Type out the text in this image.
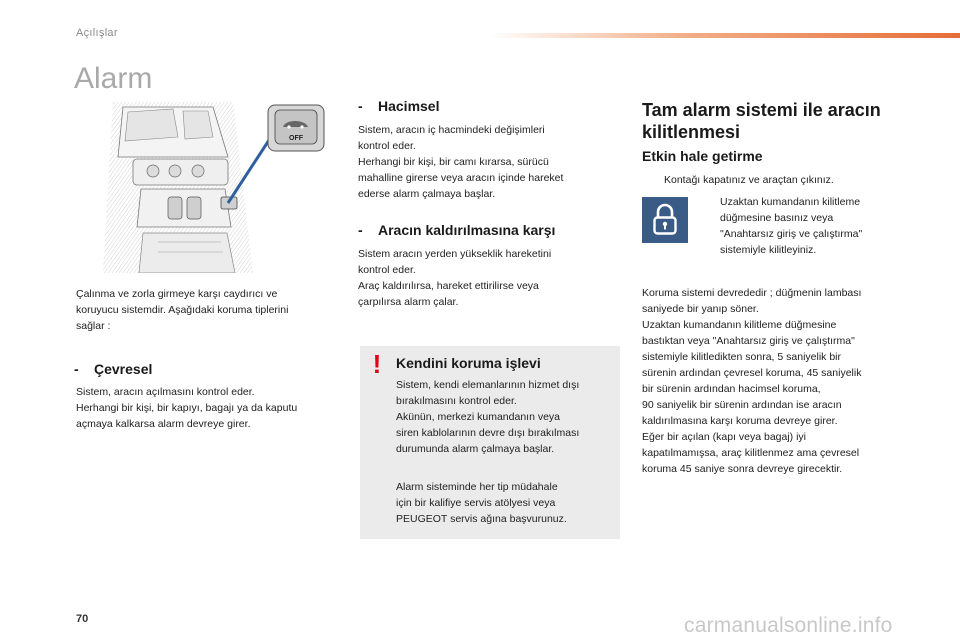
Açılışlar
Alarm
OFF

Çalınma ve zorla girmeye karşı caydırıcı ve
koruyucu sistemdir. Aşağıdaki koruma tiplerini
sağlar :

- Çevresel

Sistem, aracın açılmasını kontrol eder.
Herhangi bir kişi, bir kapıyı, bagajı ya da kaputu
açmaya kalkarsa alarm devreye girer.

- Hacimsel

Sistem, aracın iç hacmindeki değişimleri
kontrol eder.
Herhangi bir kişi, bir camı kırarsa, sürücü
mahalline girerse veya aracın içinde hareket
ederse alarm çalmaya başlar.

- Aracın kaldırılmasına karşı

Sistem aracın yerden yükseklik hareketini
kontrol eder.
Araç kaldırılırsa, hareket ettirilirse veya
çarpılırsa alarm çalar.

! Kendini koruma işlevi

Sistem, kendi elemanlarının hizmet dışı
bırakılmasını kontrol eder.
Akünün, merkezi kumandanın veya
siren kablolarının devre dışı bırakılması
durumunda alarm çalmaya başlar.

Alarm sisteminde her tip müdahale
için bir kalifiye servis atölyesi veya
PEUGEOT servis ağına başvurunuz.

Tam alarm sistemi ile aracın
kilitlenmesi
Etkin hale getirme

Kontağı kapatınız ve araçtan çıkınız.

Uzaktan kumandanın kilitleme
düğmesine basınız veya
"Anahtarsız giriş ve çalıştırma"
sistemiyle kilitleyiniz.

Koruma sistemi devrededir ; düğmenin lambası
saniyede bir yanıp söner.
Uzaktan kumandanın kilitleme düğmesine
bastıktan veya "Anahtarsız giriş ve çalıştırma"
sistemiyle kilitledikten sonra, 5 saniyelik bir
sürenin ardından çevresel koruma, 45 saniyelik
bir sürenin ardından hacimsel koruma,
90 saniyelik bir sürenin ardından ise aracın
kaldırılmasına karşı koruma devreye girer.
Eğer bir açılan (kapı veya bagaj) iyi
kapatılmamışsa, araç kilitlenmez ama çevresel
koruma 45 saniye sonra devreye girecektir.

70	carmanualsonline.info
